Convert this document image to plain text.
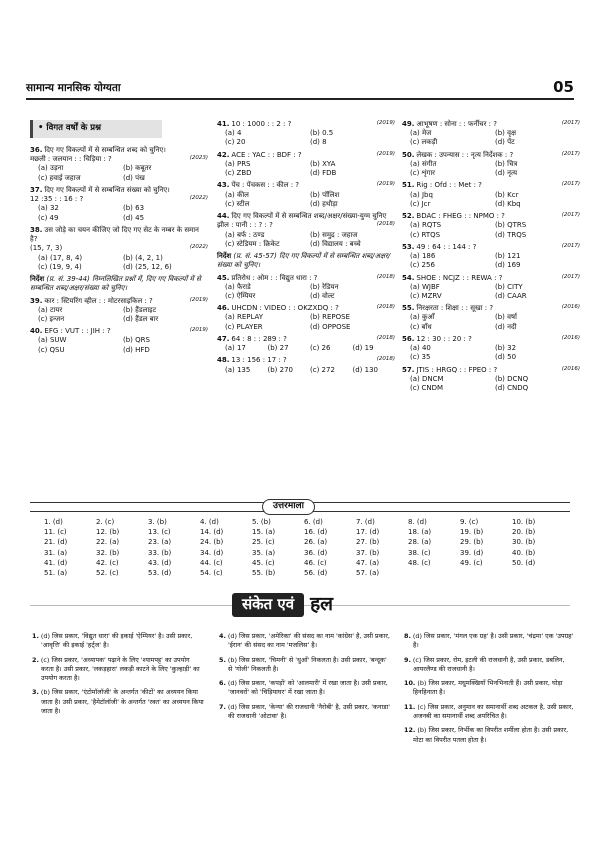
सामान्य मानसिक योग्यता	05
• विगत वर्षों के प्रश्न
36. दिए गए विकल्पों में से सम्बन्धित शब्द को चुनिए।
मछली : जलयान : : चिड़िया : ?	(2023)
(a) उड़ना	(b) कबूतर
(c) हवाई जहाज	(d) पंख
37. दिए गए विकल्पों में से सम्बन्धित संख्या को चुनिए।
12 :35 : : 16 : ?	(2022)
(a) 32	(b) 63
(c) 49	(d) 45
38. उस जोड़े का चयन कीजिए जो दिए गए सेट के नम्बर के समान है?
(15, 7, 3)	(2022)
(a) (17, 8, 4)	(b) (4, 2, 1)
(c) (19, 9, 4)	(d) (25, 12, 6)
निर्देश (प्र. सं. 39-44) निम्नलिखित प्रश्नों में, दिए गए विकल्पों में से सम्बन्धित शब्द/अक्षर/संख्या को चुनिए।
39. कार : स्टियरिंग व्हील : : मोटरसाइकिल : ?	(2019)
(a) टायर	(b) हैंडलाइट
(c) इन्जन	(d) हैंडल बार
40. EFG : VUT : : JIH : ?	(2019)
(a) SUW	(b) QRS
(c) QSU	(d) HFD
41. 10 : 1000 : : 2 : ?	(2019)
(a) 4	(b) 0.5
(c) 20	(d) 8
42. ACE : YAC : : BDF : ?	(2019)
(a) PRS	(b) XYA
(c) ZBD	(d) FDB
43. पेंच : पेंचकस : : कील : ?	(2019)
(a) कील	(b) पॉलिश
(c) स्टील	(d) हथौड़ा
44. दिए गए विकल्पों में से सम्बन्धित शब्द/अक्षर/संख्या-युग्म चुनिए
झील : पानी : : ? : ?	(2018)
(a) बर्फ : ठण्ड	(b) समुद्र : जहाज
(c) स्टेडियम : क्रिकेट	(d) विद्यालय : बच्चे
निर्देश (प्र. सं. 45-57) दिए गए विकल्पों में से सम्बन्धित शब्द/अक्षर/संख्या को चुनिए।
45. प्रतिरोध : ओम : : विद्युत धारा : ?	(2018)
(a) फैराडे	(b) रेडियन
(c) ऐम्पियर	(d) वोल्ट
46. UHCDN : VIDEO : : OKZXDQ : ?	(2018)
(a) REPLAY	(b) REPOSE
(c) PLAYER	(d) OPPOSE
47. 64 : 8 : : 289 : ?	(2018)
(a) 17	(b) 27	(c) 26	(d) 19
48. 13 : 156 : 17 : ?	(2018)
(a) 135	(b) 270	(c) 272	(d) 130
49. आभूषण : सोना : : फर्नीचर : ?	(2017)
(a) मेज	(b) वृक्ष
(c) लकड़ी	(d) पेंट
50. लेखक : उपन्यास : : नृत्य निर्देशक : ?	(2017)
(a) संगीत	(b) चित्र
(c) शृंगार	(d) नृत्य
51. Rig : Ofd : : Met : ?	(2017)
(a) Jbq	(b) Kcr
(c) Jcr	(d) Kbq
52. BDAC : FHEG : : NPMO : ?	(2017)
(a) RQTS	(b) QTRS
(c) RTQS	(d) TRQS
53. 49 : 64 : : 144 : ?	(2017)
(a) 186	(b) 121
(c) 256	(d) 169
54. SHOE : NCJZ : : REWA : ?	(2017)
(a) WJBF	(b) CITY
(c) MZRV	(d) CAAR
55. निरक्षरता : शिक्षा : : सूखा : ?	(2016)
(a) कुआँ	(b) वर्षा
(c) बाँध	(d) नदी
56. 12 : 30 : : 20 : ?	(2016)
(a) 40	(b) 32
(c) 35	(d) 50
57. JTIS : HRGQ : : FPEO : ?	(2016)
(a) DNCM	(b) DCNQ
(c) CNDM	(d) CNDQ
उत्तरमाला
1. (d)	2. (c)	3. (b)	4. (d)	5. (b)	6. (d)	7. (d)	8. (d)	9. (c)	10. (b)
11. (c)	12. (b)	13. (c)	14. (d)	15. (a)	16. (d)	17. (d)	18. (a)	19. (b)	20. (b)
21. (d)	22. (a)	23. (a)	24. (b)	25. (c)	26. (a)	27. (b)	28. (a)	29. (b)	30. (b)
31. (a)	32. (b)	33. (b)	34. (d)	35. (a)	36. (d)	37. (b)	38. (c)	39. (d)	40. (b)
41. (d)	42. (c)	43. (d)	44. (c)	45. (c)	46. (c)	47. (a)	48. (c)	49. (c)	50. (d)
51. (a)	52. (c)	53. (d)	54. (c)	55. (b)	56. (d)	57. (a)
संकेत एवं हल

1. (d) जिस प्रकार, 'विद्युत धारा' की इकाई 'ऐम्पियर' है। उसी प्रकार, 'आवृत्ति' की इकाई 'हर्ट्ज' है।

2. (c) जिस प्रकार, 'अध्यापक' पढ़ाने के लिए 'श्यामपट्ट' का उपयोग करता है। उसी प्रकार, 'लकड़हारा' लकड़ी काटने के लिए 'कुल्हाड़ी' का उपयोग करता है।

3. (b) जिस प्रकार, 'एंटोमॉलॉजी' के अन्तर्गत 'कीटों' का अध्ययन किया जाता है। उसी प्रकार, 'हैमेटॉलॉजी' के अन्तर्गत 'रक्त' का अध्ययन किया जाता है।

4. (d) जिस प्रकार, 'अमेरिका' की संसद का नाम 'कांग्रेस' है, उसी प्रकार, 'ईरान' की संसद का नाम 'मजलिस' है।

5. (b) जिस प्रकार, 'चिमनी' से 'धुआँ' निकलता है। उसी प्रकार, 'बन्दूक' से 'गोली' निकलती है।

6. (d) जिस प्रकार, 'कपड़ों' को 'आलमारी' में रखा जाता है। उसी प्रकार, 'जानवरों' को 'चिड़ियाघर' में रखा जाता है।

7. (d) जिस प्रकार, 'केन्या' की राजधानी 'नैरोबी' है, उसी प्रकार, 'कनाडा' की राजधानी 'ओटावा' है।

8. (d) जिस प्रकार, 'मंगल एक ग्रह' है। उसी प्रकार, 'चंद्रमा' एक 'उपग्रह' है।

9. (c) जिस प्रकार, रोम, इटली की राजधानी है, उसी प्रकार, डबलिन, आयरलैण्ड की राजधानी है।

10. (b) जिस प्रकार, मधुमक्खियाँ भिनभिनाती हैं। उसी प्रकार, घोड़ा हिनहिनाता है।

11. (c) जिस प्रकार, अनुमान का समानार्थी शब्द अटकल है, उसी प्रकार, अजनबी का समानार्थी शब्द अपरिचित है।

12. (b) जिस प्रकार, निर्भीक का विपरीत शर्मीला होता है। उसी प्रकार, मोटा का विपरीत पतला होता है।
